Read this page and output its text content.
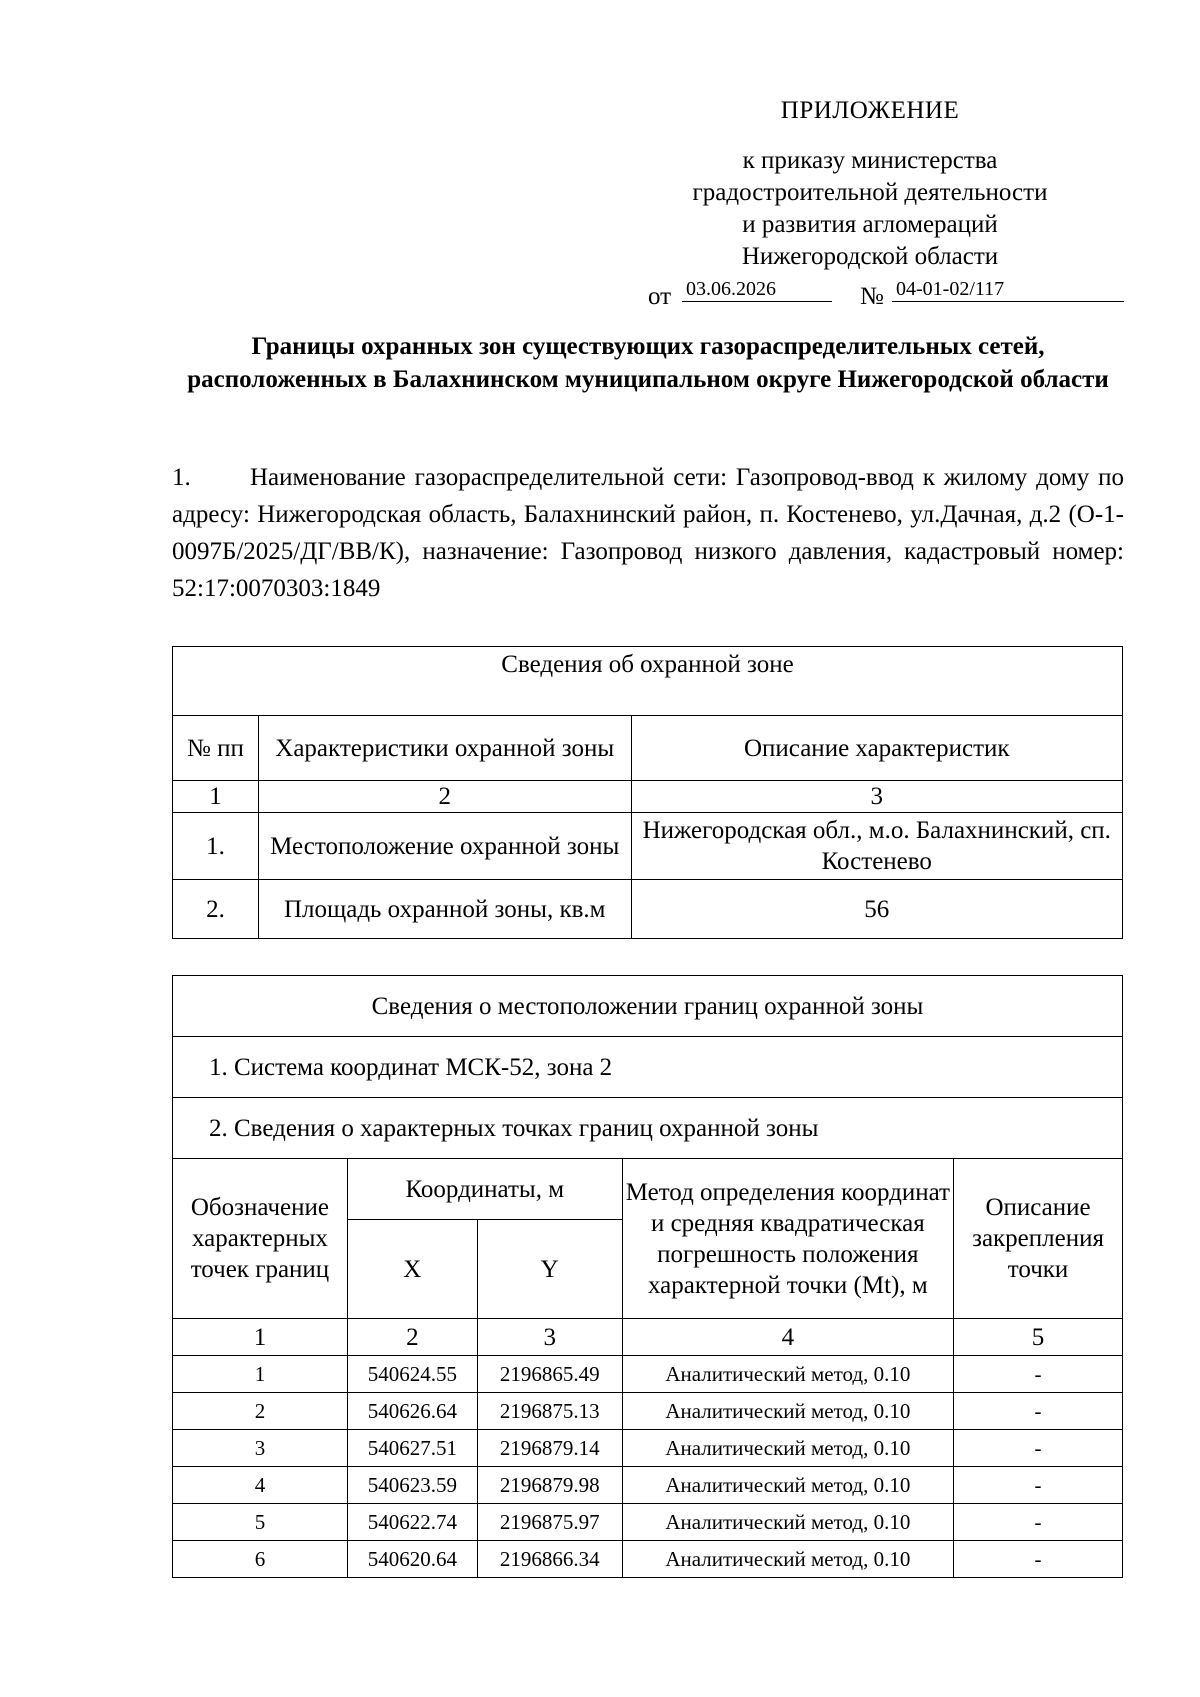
ПРИЛОЖЕНИЕ
к приказу министерства
градостроительной деятельности
и развития агломераций
Нижегородской области
от 03.06.2026	№ 04-01-02/117
Границы охранных зон существующих газораспределительных сетей, расположенных в Балахнинском муниципальном округе Нижегородской области
1. Наименование газораспределительной сети: Газопровод-ввод к жилому дому по адресу: Нижегородская область, Балахнинский район, п. Костенево, ул.Дачная, д.2 (О-1-0097Б/2025/ДГ/ВВ/К), назначение: Газопровод низкого давления, кадастровый номер: 52:17:0070303:1849
Сведения об охранной зоне		
№ пп	Характеристики охранной зоны	Описание характеристик
1	2	3
1.	Местоположение охранной зоны	Нижегородская обл., м.о. Балахнинский, сп. Костенево
2.	Площадь охранной зоны, кв.м	56
Сведения о местоположении границ охранной зоны				
1. Система координат МСК-52, зона 2				
2. Сведения о характерных точках границ охранной зоны				
Обозначение характерных точек границ	Координаты, м		Метод определения координат и средняя квадратическая погрешность положения характерной точки (Mt), м	Описание закрепления точки
	X	Y		
1	2	3	4	5
1	540624.55	2196865.49	Аналитический метод, 0.10	-
2	540626.64	2196875.13	Аналитический метод, 0.10	-
3	540627.51	2196879.14	Аналитический метод, 0.10	-
4	540623.59	2196879.98	Аналитический метод, 0.10	-
5	540622.74	2196875.97	Аналитический метод, 0.10	-
6	540620.64	2196866.34	Аналитический метод, 0.10	-
